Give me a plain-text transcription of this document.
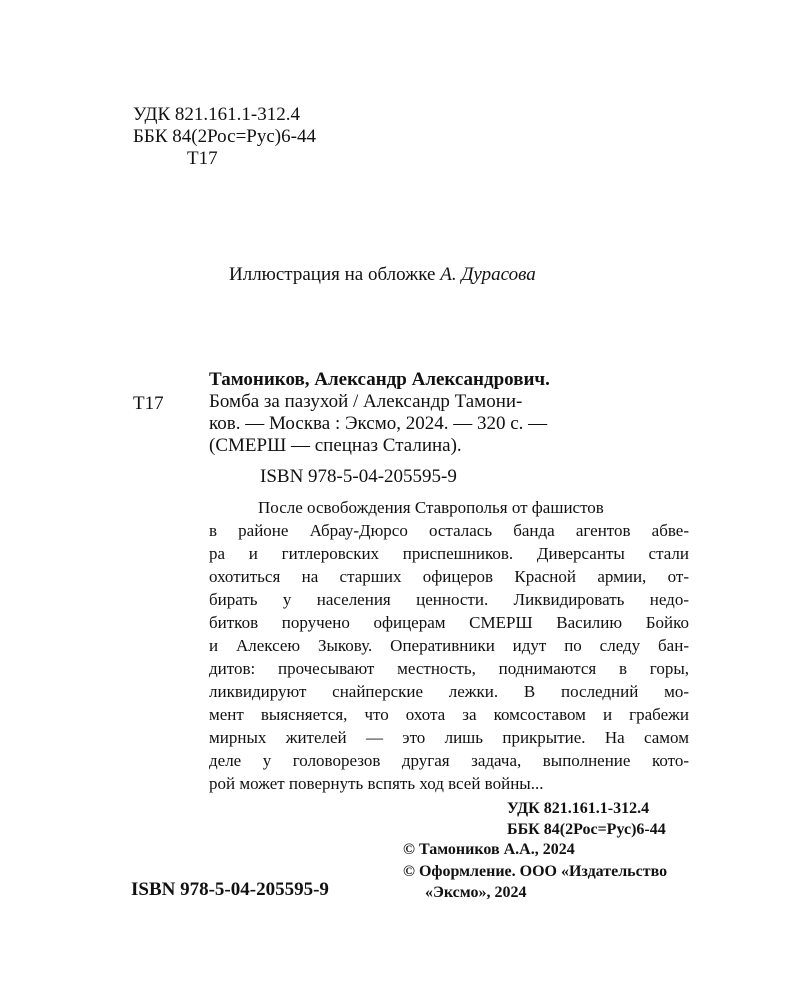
УДК 821.161.1-312.4
ББК 84(2Рос=Рус)6-44
Т17
Иллюстрация на обложке А. Дурасова
Тамоников, Александр Александрович.
Т17 Бомба за пазухой / Александр Тамони-
ков. — Москва : Эксмо, 2024. — 320 с. —
(СМЕРШ — спецназ Сталина).
ISBN 978-5-04-205595-9
После освобождения Ставрополья от фашистов
в районе Абрау-Дюрсо осталась банда агентов абве-
ра и гитлеровских приспешников. Диверсанты стали
охотиться на старших офицеров Красной армии, от-
бирать у населения ценности. Ликвидировать недо-
битков поручено офицерам СМЕРШ Василию Бойко
и Алексею Зыкову. Оперативники идут по следу бан-
дитов: прочесывают местность, поднимаются в горы,
ликвидируют снайперские лежки. В последний мо-
мент выясняется, что охота за комсоставом и грабежи
мирных жителей — это лишь прикрытие. На самом
деле у головорезов другая задача, выполнение кото-
рой может повернуть вспять ход всей войны...
УДК 821.161.1-312.4
ББК 84(2Рос=Рус)6-44
ISBN 978-5-04-205595-9
© Тамоников А.А., 2024
© Оформление. ООО «Издательство
«Эксмо», 2024
